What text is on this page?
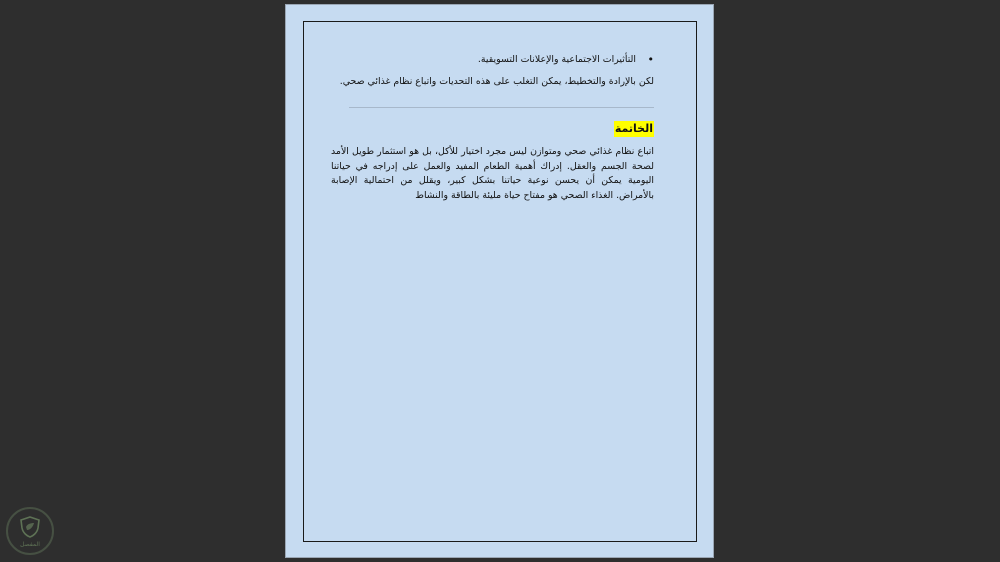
•
التأثيرات الاجتماعية والإعلانات التسويقية.

لكن بالإرادة والتخطيط، يمكن التغلب على هذه التحديات واتباع نظام غذائي صحي.

الخاتمة

اتباع نظام غذائي صحي ومتوازن ليس مجرد اختيار للأكل، بل هو استثمار طويل الأمد لصحة الجسم والعقل. إدراك أهمية الطعام المفيد والعمل على إدراجه في حياتنا اليومية يمكن أن يحسن نوعية حياتنا بشكل كبير، ويقلل من احتمالية الإصابة بالأمراض. الغذاء الصحي هو مفتاح حياة مليئة بالطاقة والنشاط

المفصل
